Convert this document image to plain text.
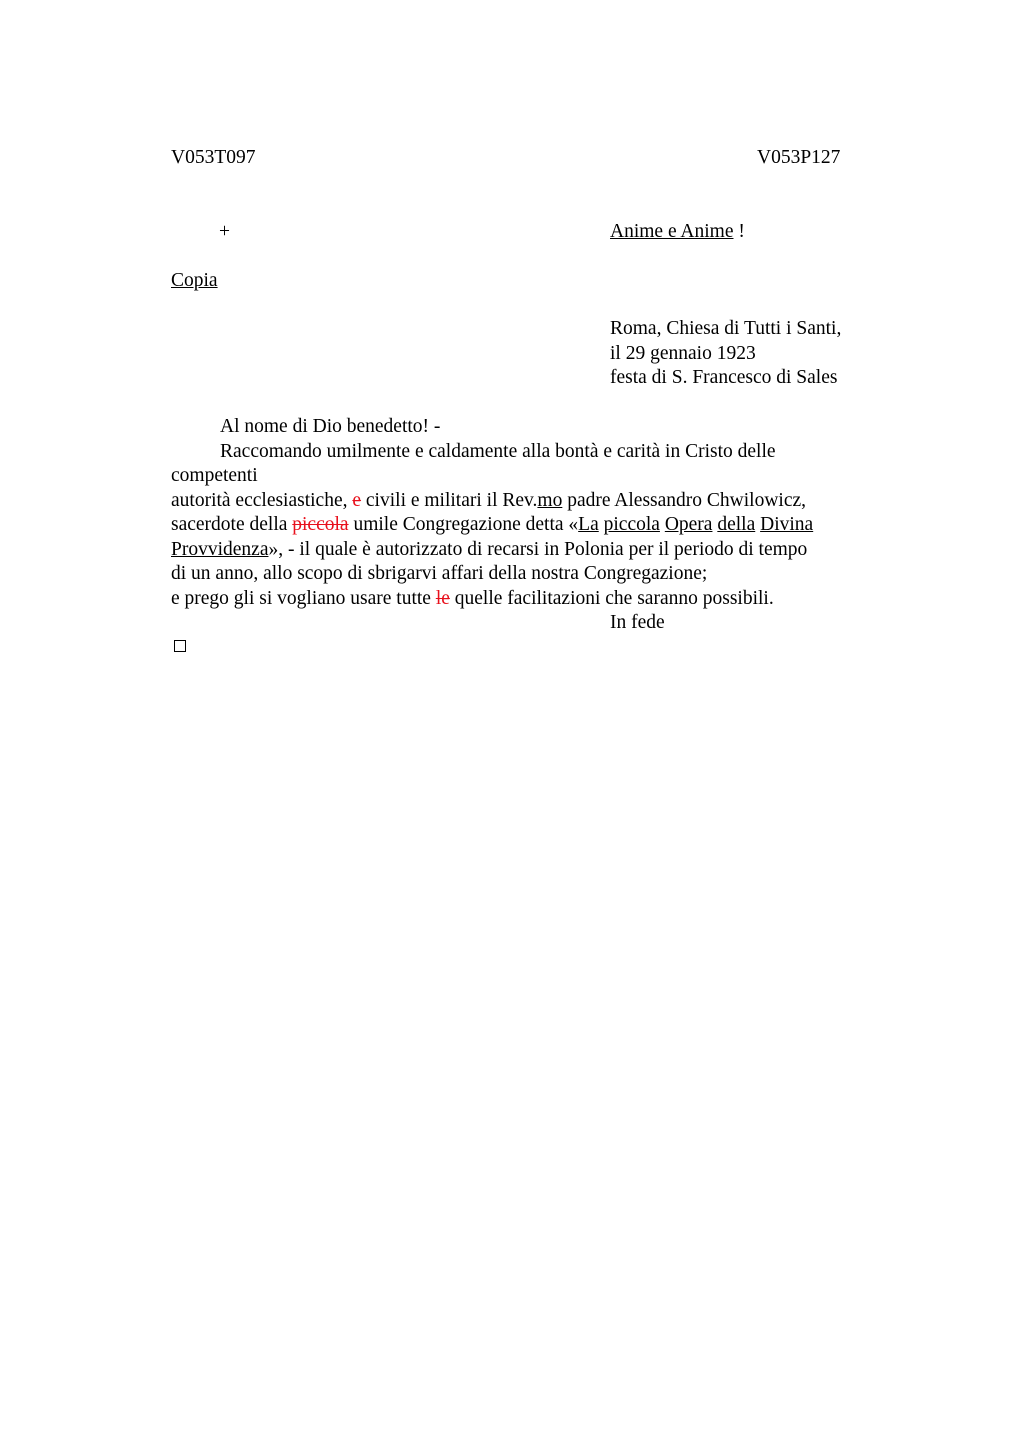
V053T097	V053P127
+	Anime e Anime !
Copia
Roma, Chiesa di Tutti i Santi,
il 29 gennaio 1923
festa di S. Francesco di Sales
Al nome di Dio benedetto! -
Raccomando umilmente e caldamente alla bontà e carità in Cristo delle
competenti
autorità ecclesiastiche, e civili e militari il Rev.mo padre Alessandro Chwilowicz,
sacerdote della piccola umile Congregazione detta «La piccola Opera della Divina
Provvidenza», - il quale è autorizzato di recarsi in Polonia per il periodo di tempo
di un anno, allo scopo di sbrigarvi affari della nostra Congregazione;
e prego gli si vogliano usare tutte le quelle facilitazioni che saranno possibili.
In fede
